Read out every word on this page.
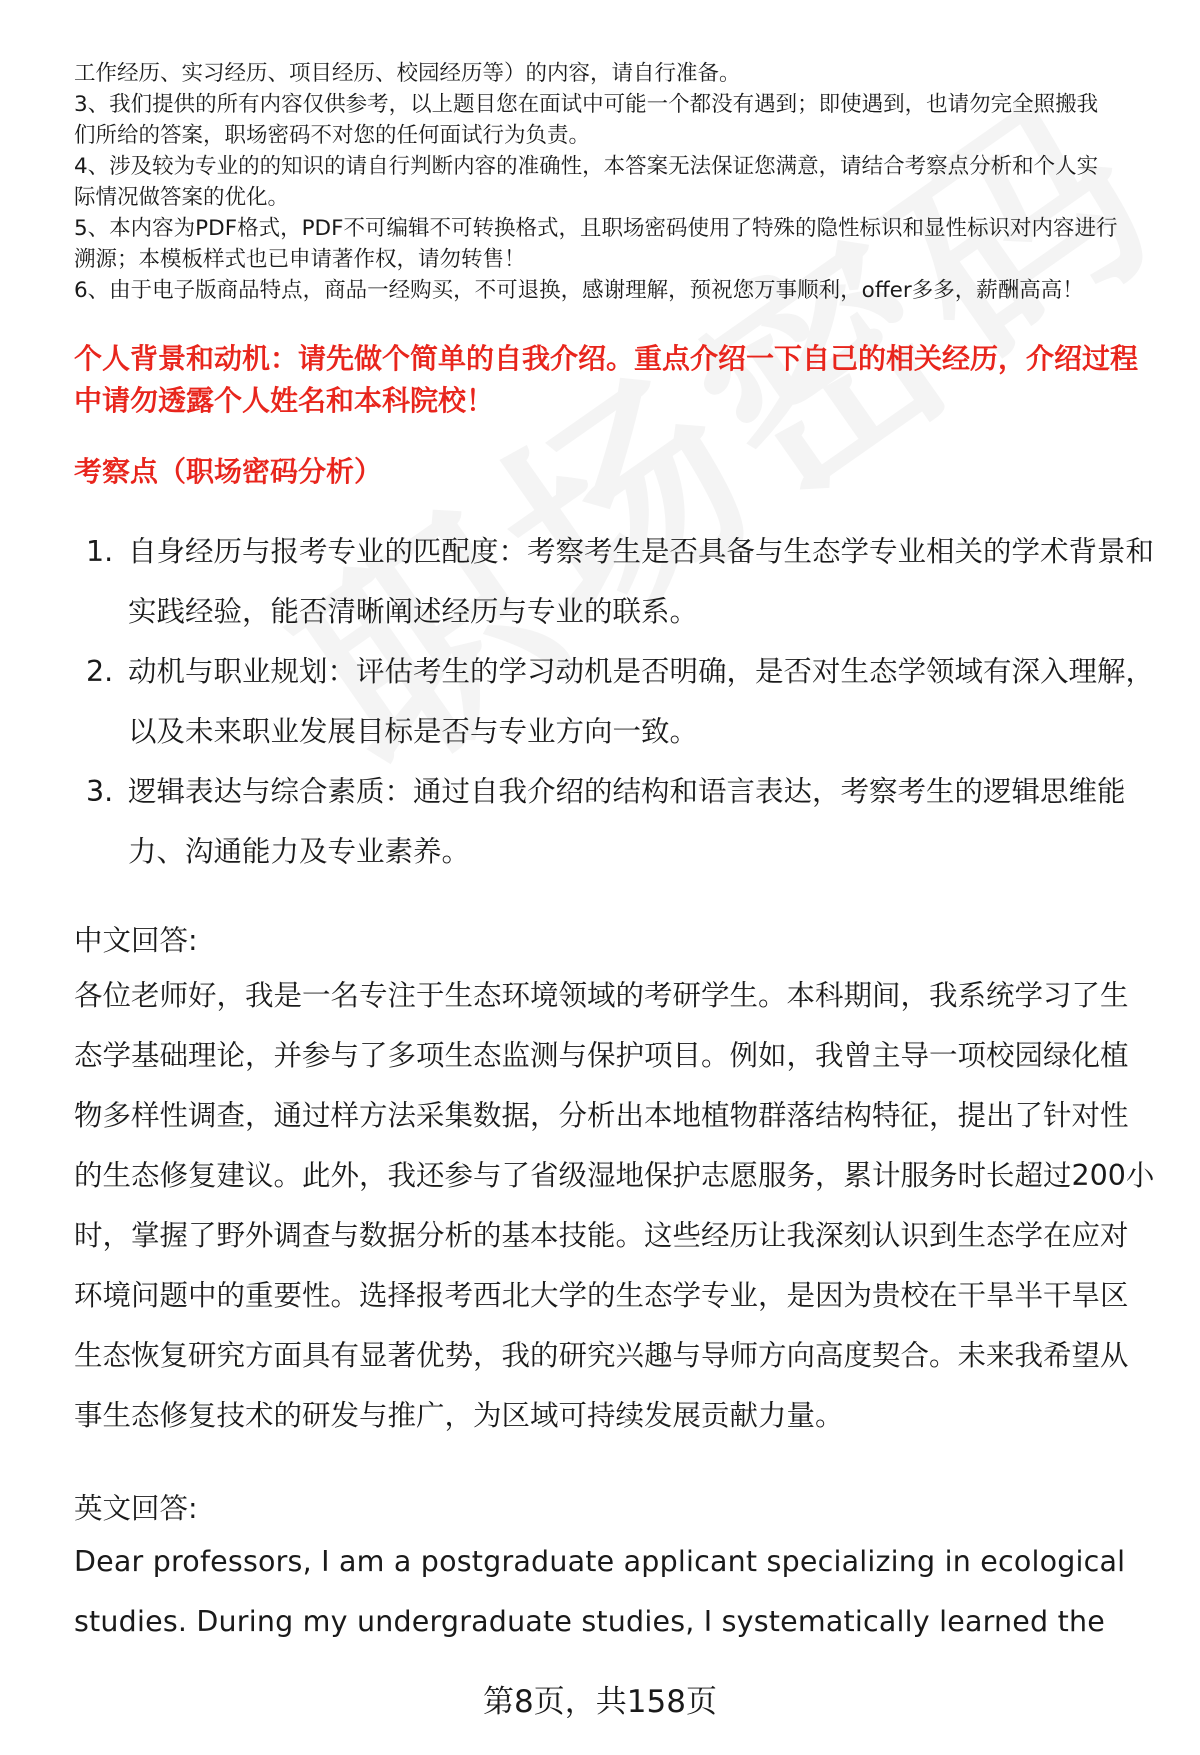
工作经历、实习经历、项目经历、校园经历等）的内容，请自行准备。

3、我们提供的所有内容仅供参考，以上题目您在面试中可能一个都没有遇到；即使遇到，也请勿完全照搬我

们所给的答案，职场密码不对您的任何面试行为负责。

4、涉及较为专业的的知识的请自行判断内容的准确性，本答案无法保证您满意，请结合考察点分析和个人实

际情况做答案的优化。

5、本内容为PDF格式，PDF不可编辑不可转换格式，且职场密码使用了特殊的隐性标识和显性标识对内容进行

溯源；本模板样式也已申请著作权，请勿转售！

6、由于电子版商品特点，商品一经购买，不可退换，感谢理解，预祝您万事顺利，offer多多，薪酬高高！

个人背景和动机：请先做个简单的自我介绍。重点介绍一下自己的相关经历，介绍过程中请勿透露个人姓名和本科院校！

考察点（职场密码分析）

1. 自身经历与报考专业的匹配度：考察考生是否具备与生态学专业相关的学术背景和实践经验，能否清晰阐述经历与专业的联系。
2. 动机与职业规划：评估考生的学习动机是否明确，是否对生态学领域有深入理解，以及未来职业发展目标是否与专业方向一致。
3. 逻辑表达与综合素质：通过自我介绍的结构和语言表达，考察考生的逻辑思维能力、沟通能力及专业素养。

中文回答:

各位老师好，我是一名专注于生态环境领域的考研学生。本科期间，我系统学习了生态学基础理论，并参与了多项生态监测与保护项目。例如，我曾主导一项校园绿化植物多样性调查，通过样方法采集数据，分析出本地植物群落结构特征，提出了针对性的生态修复建议。此外，我还参与了省级湿地保护志愿服务，累计服务时长超过200小时，掌握了野外调查与数据分析的基本技能。这些经历让我深刻认识到生态学在应对环境问题中的重要性。选择报考西北大学的生态学专业，是因为贵校在干旱半干旱区生态恢复研究方面具有显著优势，我的研究兴趣与导师方向高度契合。未来我希望从事生态修复技术的研发与推广，为区域可持续发展贡献力量。

英文回答:

Dear professors, I am a postgraduate applicant specializing in ecological studies. During my undergraduate studies, I systematically learned the

第8页，共158页
